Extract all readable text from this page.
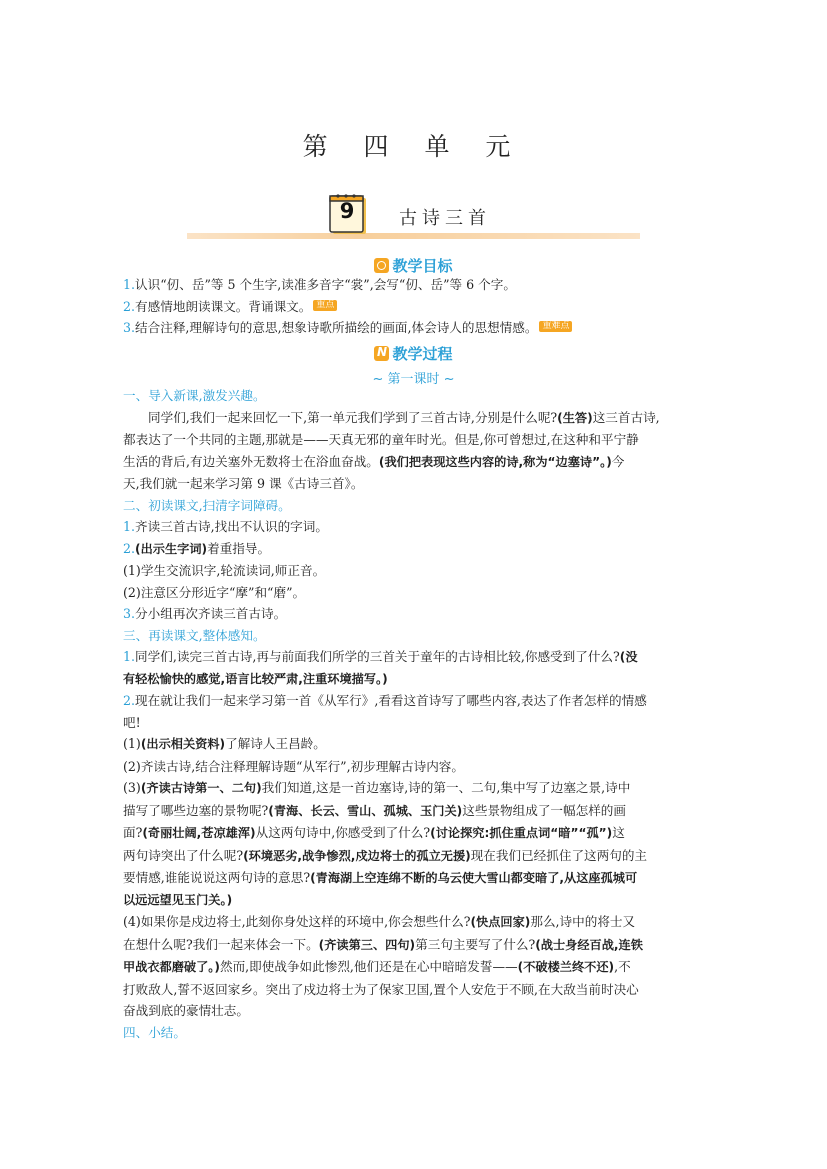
第 四 单 元
9	古诗三首
教学目标
1.认识“仞、岳”等 5 个生字,读准多音字“裳”,会写“仞、岳”等 6 个字。
2.有感情地朗读课文。背诵课文。 重点
3.结合注释,理解诗句的意思,想象诗歌所描绘的画面,体会诗人的思想情感。 重难点
N 教学过程
~ 第一课时 ~
一、导入新课,激发兴趣。
同学们,我们一起来回忆一下,第一单元我们学到了三首古诗,分别是什么呢?(生答)这三首古诗,
都表达了一个共同的主题,那就是——天真无邪的童年时光。但是,你可曾想过,在这种和平宁静
生活的背后,有边关塞外无数将士在浴血奋战。(我们把表现这些内容的诗,称为“边塞诗”。)今
天,我们就一起来学习第 9 课《古诗三首》。
二、初读课文,扫清字词障碍。
1.齐读三首古诗,找出不认识的字词。
2.(出示生字词)着重指导。
(1)学生交流识字,轮流读词,师正音。
(2)注意区分形近字“摩”和“磨”。
3.分小组再次齐读三首古诗。
三、再读课文,整体感知。
1.同学们,读完三首古诗,再与前面我们所学的三首关于童年的古诗相比较,你感受到了什么?(没
有轻松愉快的感觉,语言比较严肃,注重环境描写。)
2.现在就让我们一起来学习第一首《从军行》,看看这首诗写了哪些内容,表达了作者怎样的情感
吧!
(1)(出示相关资料)了解诗人王昌龄。
(2)齐读古诗,结合注释理解诗题“从军行”,初步理解古诗内容。
(3)(齐读古诗第一、二句)我们知道,这是一首边塞诗,诗的第一、二句,集中写了边塞之景,诗中
描写了哪些边塞的景物呢?(青海、长云、雪山、孤城、玉门关)这些景物组成了一幅怎样的画
面?(奇丽壮阔,苍凉雄浑)从这两句诗中,你感受到了什么?(讨论探究:抓住重点词“暗”“孤”)这
两句诗突出了什么呢?(环境恶劣,战争惨烈,戍边将士的孤立无援)现在我们已经抓住了这两句的主
要情感,谁能说说这两句诗的意思?(青海湖上空连绵不断的乌云使大雪山都变暗了,从这座孤城可
以远远望见玉门关。)
(4)如果你是戍边将士,此刻你身处这样的环境中,你会想些什么?(快点回家)那么,诗中的将士又
在想什么呢?我们一起来体会一下。(齐读第三、四句)第三句主要写了什么?(战士身经百战,连铁
甲战衣都磨破了。)然而,即使战争如此惨烈,他们还是在心中暗暗发誓——(不破楼兰终不还),不
打败敌人,誓不返回家乡。突出了戍边将士为了保家卫国,置个人安危于不顾,在大敌当前时决心
奋战到底的豪情壮志。
四、小结。
